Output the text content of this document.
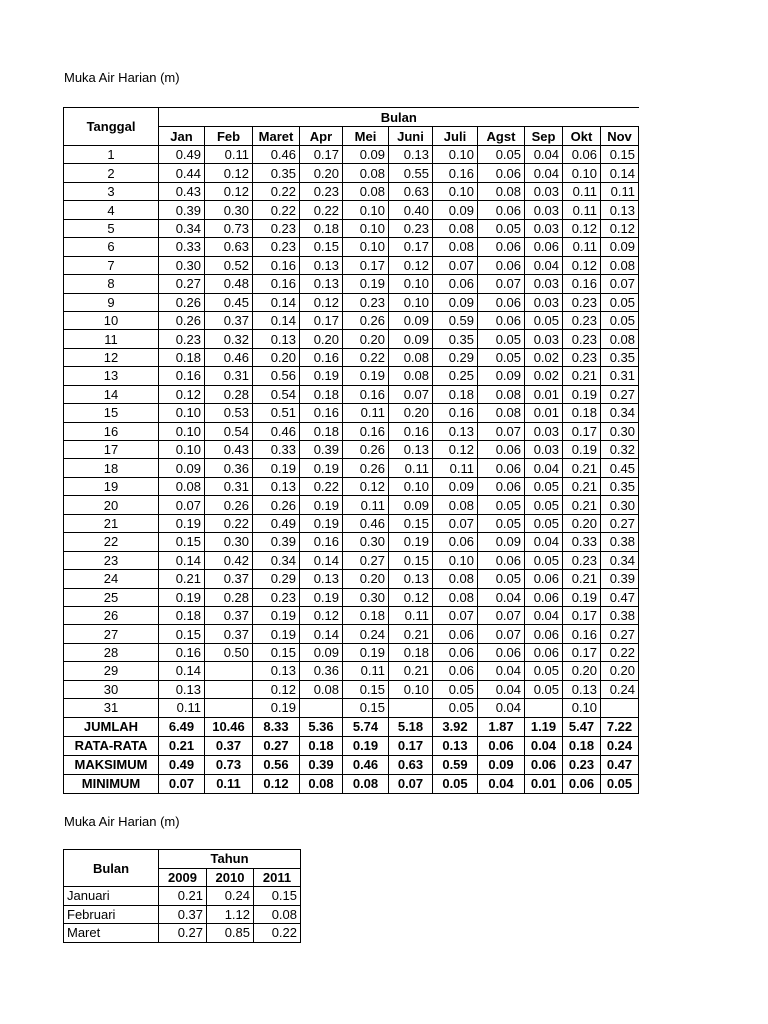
Muka Air Harian (m)
Tanggal	Bulan										
	Jan	Feb	Maret	Apr	Mei	Juni	Juli	Agst	Sep	Okt	Nov
1	0.49	0.11	0.46	0.17	0.09	0.13	0.10	0.05	0.04	0.06	0.15
2	0.44	0.12	0.35	0.20	0.08	0.55	0.16	0.06	0.04	0.10	0.14
3	0.43	0.12	0.22	0.23	0.08	0.63	0.10	0.08	0.03	0.11	0.11
4	0.39	0.30	0.22	0.22	0.10	0.40	0.09	0.06	0.03	0.11	0.13
5	0.34	0.73	0.23	0.18	0.10	0.23	0.08	0.05	0.03	0.12	0.12
6	0.33	0.63	0.23	0.15	0.10	0.17	0.08	0.06	0.06	0.11	0.09
7	0.30	0.52	0.16	0.13	0.17	0.12	0.07	0.06	0.04	0.12	0.08
8	0.27	0.48	0.16	0.13	0.19	0.10	0.06	0.07	0.03	0.16	0.07
9	0.26	0.45	0.14	0.12	0.23	0.10	0.09	0.06	0.03	0.23	0.05
10	0.26	0.37	0.14	0.17	0.26	0.09	0.59	0.06	0.05	0.23	0.05
11	0.23	0.32	0.13	0.20	0.20	0.09	0.35	0.05	0.03	0.23	0.08
12	0.18	0.46	0.20	0.16	0.22	0.08	0.29	0.05	0.02	0.23	0.35
13	0.16	0.31	0.56	0.19	0.19	0.08	0.25	0.09	0.02	0.21	0.31
14	0.12	0.28	0.54	0.18	0.16	0.07	0.18	0.08	0.01	0.19	0.27
15	0.10	0.53	0.51	0.16	0.11	0.20	0.16	0.08	0.01	0.18	0.34
16	0.10	0.54	0.46	0.18	0.16	0.16	0.13	0.07	0.03	0.17	0.30
17	0.10	0.43	0.33	0.39	0.26	0.13	0.12	0.06	0.03	0.19	0.32
18	0.09	0.36	0.19	0.19	0.26	0.11	0.11	0.06	0.04	0.21	0.45
19	0.08	0.31	0.13	0.22	0.12	0.10	0.09	0.06	0.05	0.21	0.35
20	0.07	0.26	0.26	0.19	0.11	0.09	0.08	0.05	0.05	0.21	0.30
21	0.19	0.22	0.49	0.19	0.46	0.15	0.07	0.05	0.05	0.20	0.27
22	0.15	0.30	0.39	0.16	0.30	0.19	0.06	0.09	0.04	0.33	0.38
23	0.14	0.42	0.34	0.14	0.27	0.15	0.10	0.06	0.05	0.23	0.34
24	0.21	0.37	0.29	0.13	0.20	0.13	0.08	0.05	0.06	0.21	0.39
25	0.19	0.28	0.23	0.19	0.30	0.12	0.08	0.04	0.06	0.19	0.47
26	0.18	0.37	0.19	0.12	0.18	0.11	0.07	0.07	0.04	0.17	0.38
27	0.15	0.37	0.19	0.14	0.24	0.21	0.06	0.07	0.06	0.16	0.27
28	0.16	0.50	0.15	0.09	0.19	0.18	0.06	0.06	0.06	0.17	0.22
29	0.14		0.13	0.36	0.11	0.21	0.06	0.04	0.05	0.20	0.20
30	0.13		0.12	0.08	0.15	0.10	0.05	0.04	0.05	0.13	0.24
31	0.11		0.19		0.15		0.05	0.04		0.10	
JUMLAH	6.49	10.46	8.33	5.36	5.74	5.18	3.92	1.87	1.19	5.47	7.22
RATA-RATA	0.21	0.37	0.27	0.18	0.19	0.17	0.13	0.06	0.04	0.18	0.24
MAKSIMUM	0.49	0.73	0.56	0.39	0.46	0.63	0.59	0.09	0.06	0.23	0.47
MINIMUM	0.07	0.11	0.12	0.08	0.08	0.07	0.05	0.04	0.01	0.06	0.05
Muka Air Harian (m)
Bulan	Tahun		
	2009	2010	2011
Januari	0.21	0.24	0.15
Februari	0.37	1.12	0.08
Maret	0.27	0.85	0.22
